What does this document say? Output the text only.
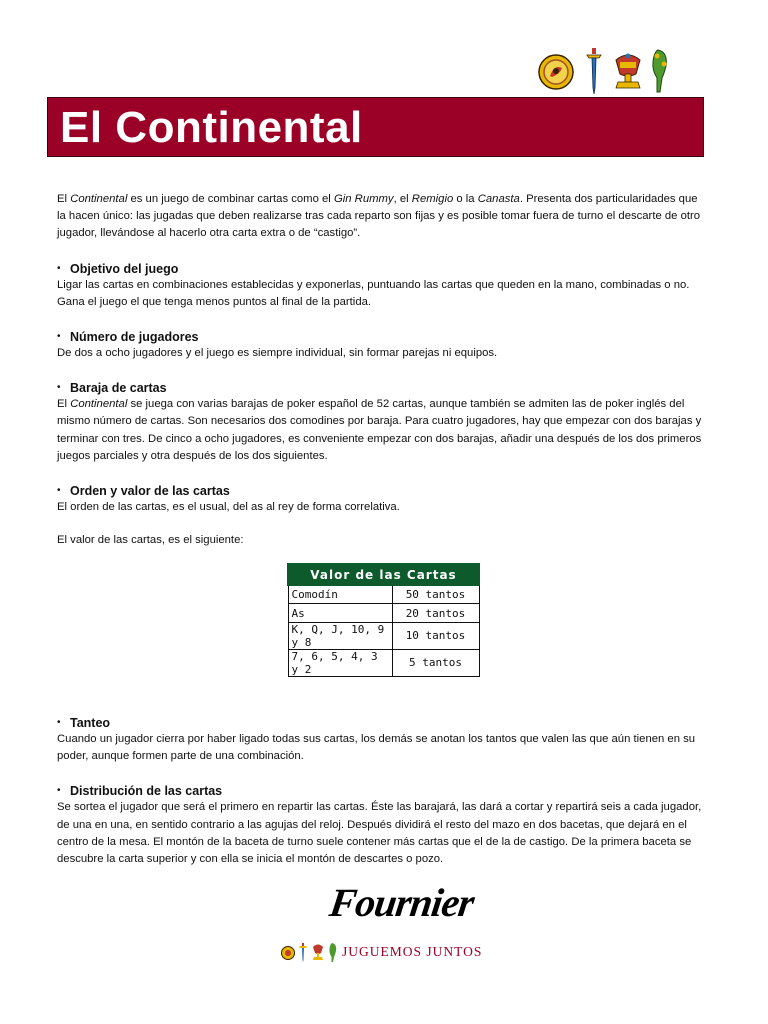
El Continental

El Continental es un juego de combinar cartas como el Gin Rummy, el Remigio o la Canasta. Presenta dos particularidades que la hacen único: las jugadas que deben realizarse tras cada reparto son fijas y es posible tomar fuera de turno el descarte de otro jugador, llevándose al hacerlo otra carta extra o de “castigo”.

• Objetivo del juego

Ligar las cartas en combinaciones establecidas y exponerlas, puntuando las cartas que queden en la mano, combinadas o no. Gana el juego el que tenga menos puntos al final de la partida.

• Número de jugadores

De dos a ocho jugadores y el juego es siempre individual, sin formar parejas ni equipos.

• Baraja de cartas

El Continental se juega con varias barajas de poker español de 52 cartas, aunque también se admiten las de poker inglés del mismo número de cartas. Son necesarios dos comodines por baraja. Para cuatro jugadores, hay que empezar con dos barajas y terminar con tres. De cinco a ocho jugadores, es conveniente empezar con dos barajas, añadir una después de los dos primeros juegos parciales y otra después de los dos siguientes.

• Orden y valor de las cartas

El orden de las cartas, es el usual, del as al rey de forma correlativa.

El valor de las cartas, es el siguiente:

Valor de las Cartas	
Comodín	50 tantos
As	20 tantos
K, Q, J, 10, 9 y 8	10 tantos
7, 6, 5, 4, 3 y 2	5 tantos
• Tanteo

Cuando un jugador cierra por haber ligado todas sus cartas, los demás se anotan los tantos que valen las que aún tienen en su poder, aunque formen parte de una combinación.

• Distribución de las cartas

Se sortea el jugador que será el primero en repartir las cartas. Éste las barajará, las dará a cortar y repartirá seis a cada jugador, de una en una, en sentido contrario a las agujas del reloj. Después dividirá el resto del mazo en dos bacetas, que dejará en el centro de la mesa. El montón de la baceta de turno suele contener más cartas que el de la de castigo. De la primera baceta se descubre la carta superior y con ella se inicia el montón de descartes o pozo.

Fournier
JUGUEMOS JUNTOS
